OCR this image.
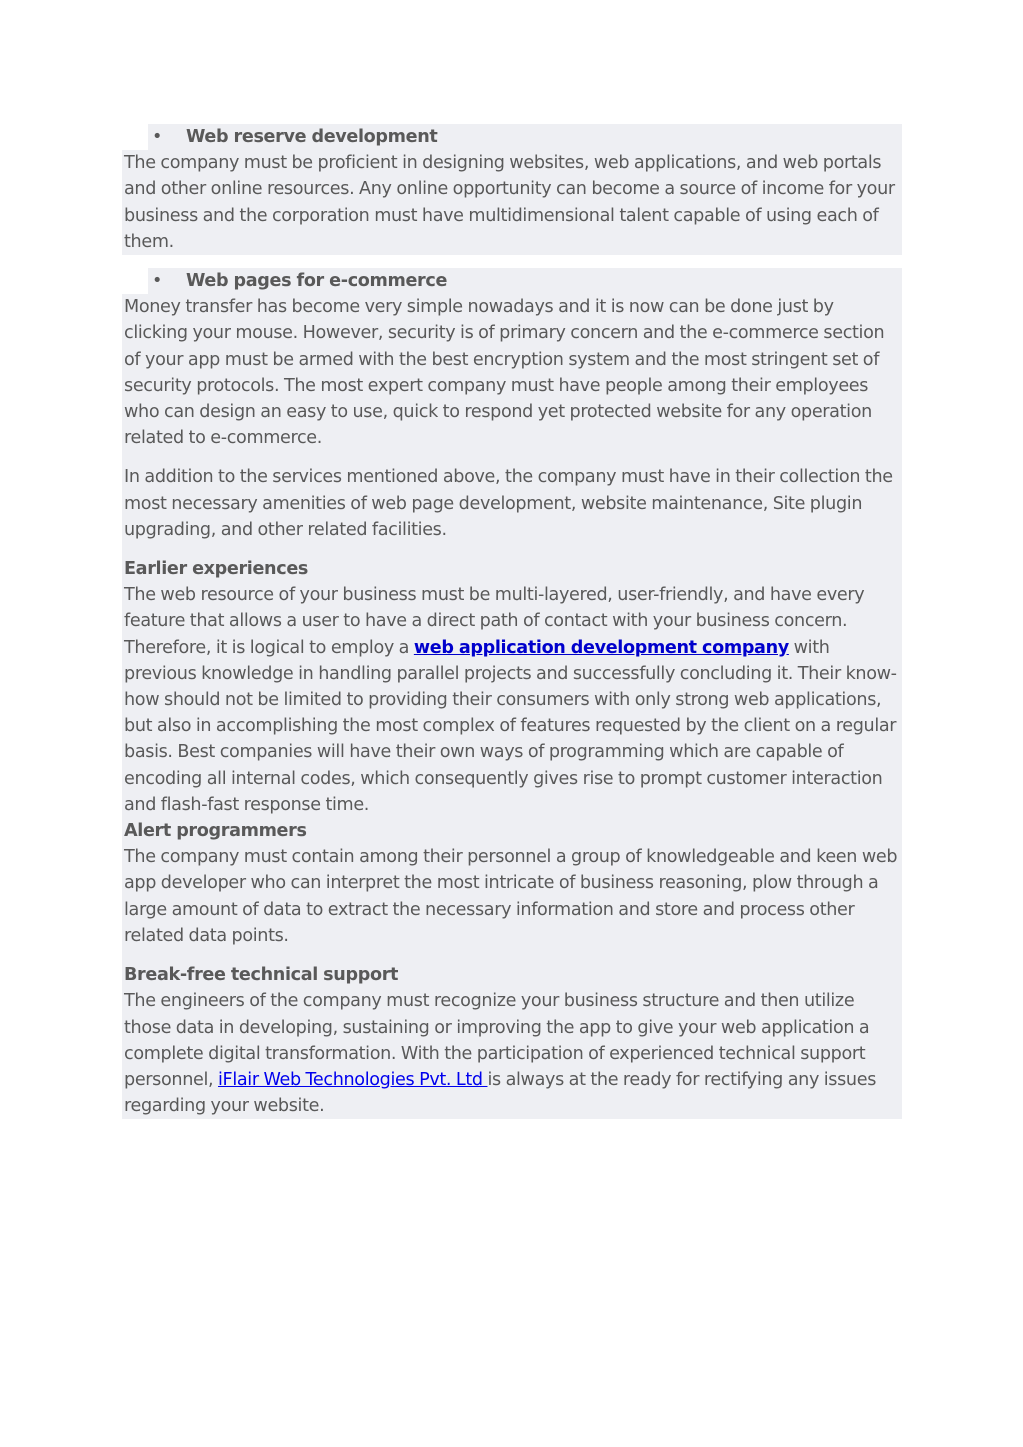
• Web reserve development

The company must be proficient in designing websites, web applications, and web portals and other online resources. Any online opportunity can become a source of income for your business and the corporation must have multidimensional talent capable of using each of them.

• Web pages for e-commerce

Money transfer has become very simple nowadays and it is now can be done just by clicking your mouse. However, security is of primary concern and the e-commerce section of your app must be armed with the best encryption system and the most stringent set of security protocols. The most expert company must have people among their employees who can design an easy to use, quick to respond yet protected website for any operation related to e-commerce.

In addition to the services mentioned above, the company must have in their collection the most necessary amenities of web page development, website maintenance, Site plugin upgrading, and other related facilities.

Earlier experiences

The web resource of your business must be multi-layered, user-friendly, and have every feature that allows a user to have a direct path of contact with your business concern. Therefore, it is logical to employ a web application development company with previous knowledge in handling parallel projects and successfully concluding it. Their know-how should not be limited to providing their consumers with only strong web applications, but also in accomplishing the most complex of features requested by the client on a regular basis. Best companies will have their own ways of programming which are capable of encoding all internal codes, which consequently gives rise to prompt customer interaction and flash-fast response time.

Alert programmers

The company must contain among their personnel a group of knowledgeable and keen web app developer who can interpret the most intricate of business reasoning, plow through a large amount of data to extract the necessary information and store and process other related data points.

Break-free technical support

The engineers of the company must recognize your business structure and then utilize those data in developing, sustaining or improving the app to give your web application a complete digital transformation. With the participation of experienced technical support personnel, iFlair Web Technologies Pvt. Ltd is always at the ready for rectifying any issues regarding your website.
